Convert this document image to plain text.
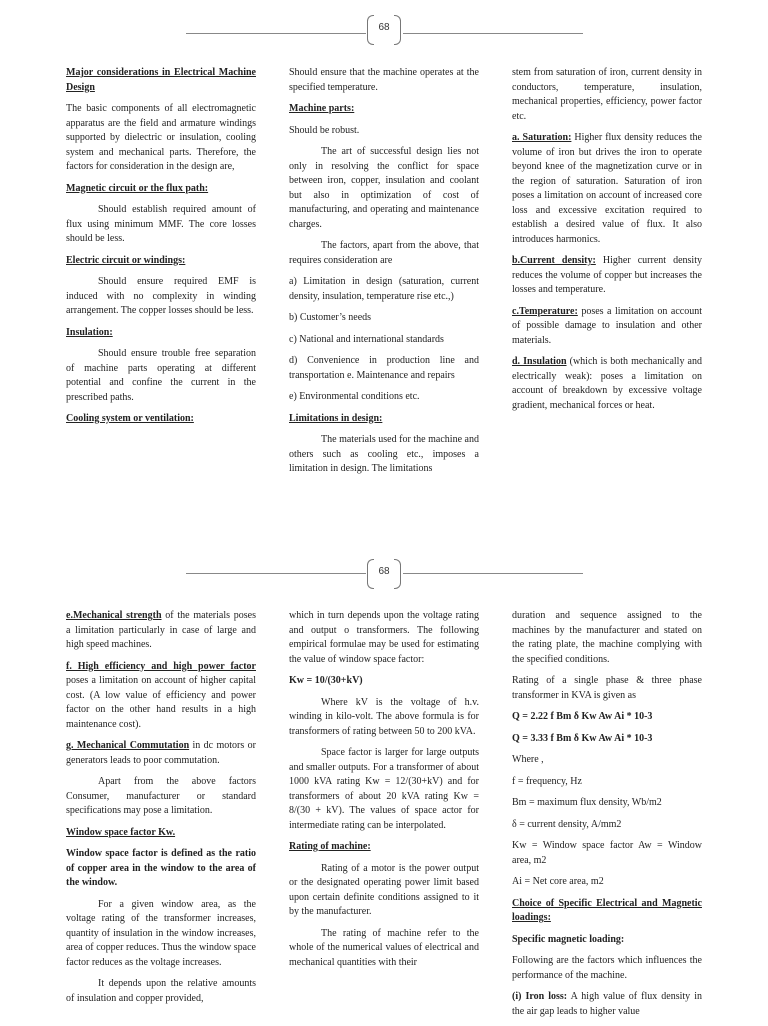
68

Major considerations in Electrical Machine Design

The basic components of all electromagnetic apparatus are the field and armature windings supported by dielectric or insulation, cooling system and mechanical parts. Therefore, the factors for consideration in the design are,

Magnetic circuit or the flux path:

Should establish required amount of flux using minimum MMF. The core losses should be less.

Electric circuit or windings:

Should ensure required EMF is induced with no complexity in winding arrangement. The copper losses should be less.

Insulation:

Should ensure trouble free separation of machine parts operating at different potential and confine the current in the prescribed paths.

Cooling system or ventilation:

Should ensure that the machine operates at the specified temperature.

Machine parts:

Should be robust.

The art of successful design lies not only in resolving the conflict for space between iron, copper, insulation and coolant but also in optimization of cost of manufacturing, and operating and maintenance charges.

The factors, apart from the above, that requires consideration are

a) Limitation in design (saturation, current density, insulation, temperature rise etc.,)

b) Customer’s needs

c) National and international standards

d) Convenience in production line and transportation e. Maintenance and repairs

e) Environmental conditions etc.

Limitations in design:

The materials used for the machine and others such as cooling etc., imposes a limitation in design. The limitations

stem from saturation of iron, current density in conductors, temperature, insulation, mechanical properties, efficiency, power factor etc.

a. Saturation: Higher flux density reduces the volume of iron but drives the iron to operate beyond knee of the magnetization curve or in the region of saturation. Saturation of iron poses a limitation on account of increased core loss and excessive excitation required to establish a desired value of flux. It also introduces harmonics.

b.Current density: Higher current density reduces the volume of copper but increases the losses and temperature.

c.Temperature: poses a limitation on account of possible damage to insulation and other materials.

d. Insulation (which is both mechanically and electrically weak): poses a limitation on account of breakdown by excessive voltage gradient, mechanical forces or heat.

68

e.Mechanical strength of the materials poses a limitation particularly in case of large and high speed machines.

f. High efficiency and high power factor poses a limitation on account of higher capital cost. (A low value of efficiency and power factor on the other hand results in a high maintenance cost).

g. Mechanical Commutation in dc motors or generators leads to poor commutation.

Apart from the above factors Consumer, manufacturer or standard specifications may pose a limitation.

Window space factor Kw.

Window space factor is defined as the ratio of copper area in the window to the area of the window.

For a given window area, as the voltage rating of the transformer increases, quantity of insulation in the window increases, area of copper reduces. Thus the window space factor reduces as the voltage increases.

It depends upon the relative amounts of insulation and copper provided,

which in turn depends upon the voltage rating and output o transformers. The following empirical formulae may be used for estimating the value of window space factor:

Kw = 10/(30+kV)

Where kV is the voltage of h.v. winding in kilo-volt. The above formula is for transformers of rating between 50 to 200 kVA.

Space factor is larger for large outputs and smaller outputs. For a transformer of about 1000 kVA rating Kw = 12/(30+kV) and for transformers of about 20 kVA rating Kw = 8/(30 + kV). The values of space actor for intermediate rating can be interpolated.

Rating of machine:

Rating of a motor is the power output or the designated operating power limit based upon certain definite conditions assigned to it by the manufacturer.

The rating of machine refer to the whole of the numerical values of electrical and mechanical quantities with their

duration and sequence assigned to the machines by the manufacturer and stated on the rating plate, the machine complying with the specified conditions.

Rating of a single phase & three phase transformer in KVA is given as

Q = 2.22 f Bm δ Kw Aw Ai * 10-3

Q = 3.33 f Bm δ Kw Aw Ai * 10-3

Where ,

f = frequency, Hz

Bm = maximum flux density, Wb/m2

δ = current density, A/mm2

Kw = Window space factor Aw = Window area, m2

Ai = Net core area, m2

Choice of Specific Electrical and Magnetic loadings:

Specific magnetic loading:

Following are the factors which influences the performance of the machine.

(i) Iron loss: A high value of flux density in the air gap leads to higher value
